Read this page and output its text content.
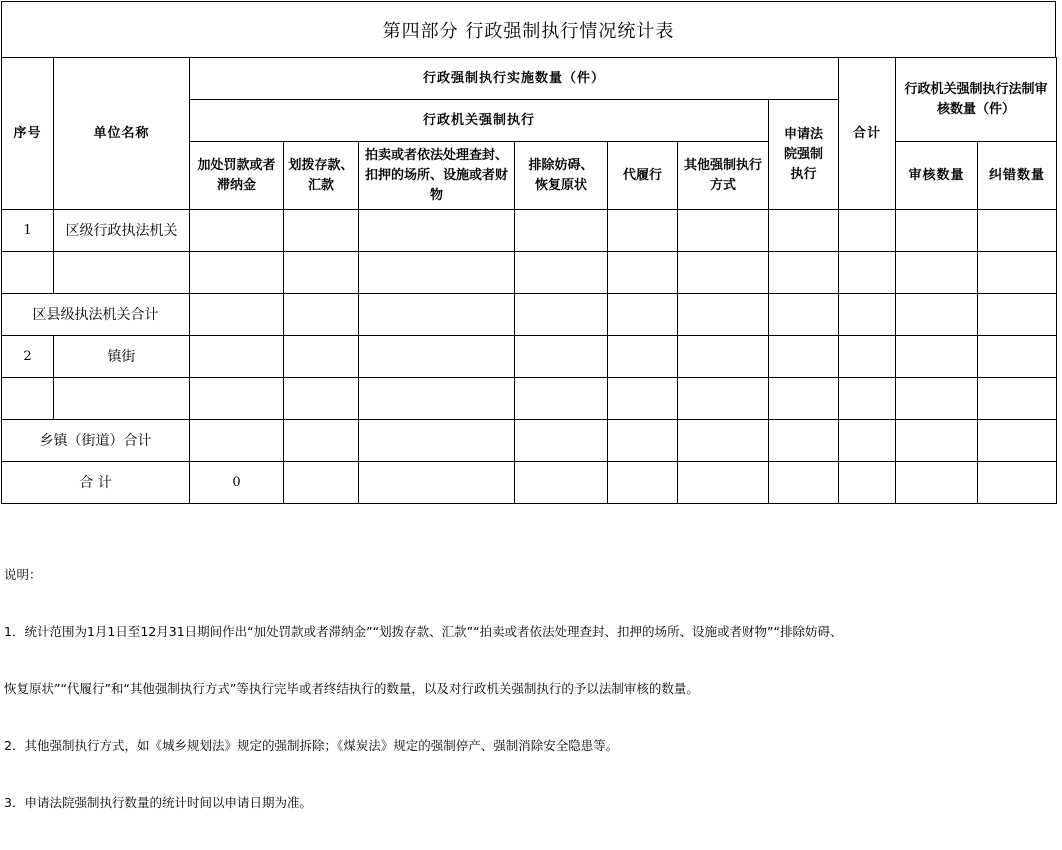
第四部分 行政强制执行情况统计表
序号	单位名称	行政强制执行实施数量（件）							合计	行政机关强制执行法制审核数量（件）	
		行政机关强制执行						申请法院强制执行			
		加处罚款或者滞纳金	划拨存款、汇款	拍卖或者依法处理查封、扣押的场所、设施或者财物	排除妨碍、恢复原状	代履行	其他强制执行方式			审核数量	纠错数量
1	区级行政执法机关										

区县级执法机关合计											
2	镇街										

乡镇（街道）合计											
合 计		0									

说明：

1．统计范围为1月1日至12月31日期间作出“加处罚款或者滞纳金”“划拨存款、汇款”“拍卖或者依法处理查封、扣押的场所、设施或者财物”“排除妨碍、

恢复原状”“代履行”和“其他强制执行方式”等执行完毕或者终结执行的数量，以及对行政机关强制执行的予以法制审核的数量。

2．其他强制执行方式，如《城乡规划法》规定的强制拆除；《煤炭法》规定的强制停产、强制消除安全隐患等。

3．申请法院强制执行数量的统计时间以申请日期为准。
